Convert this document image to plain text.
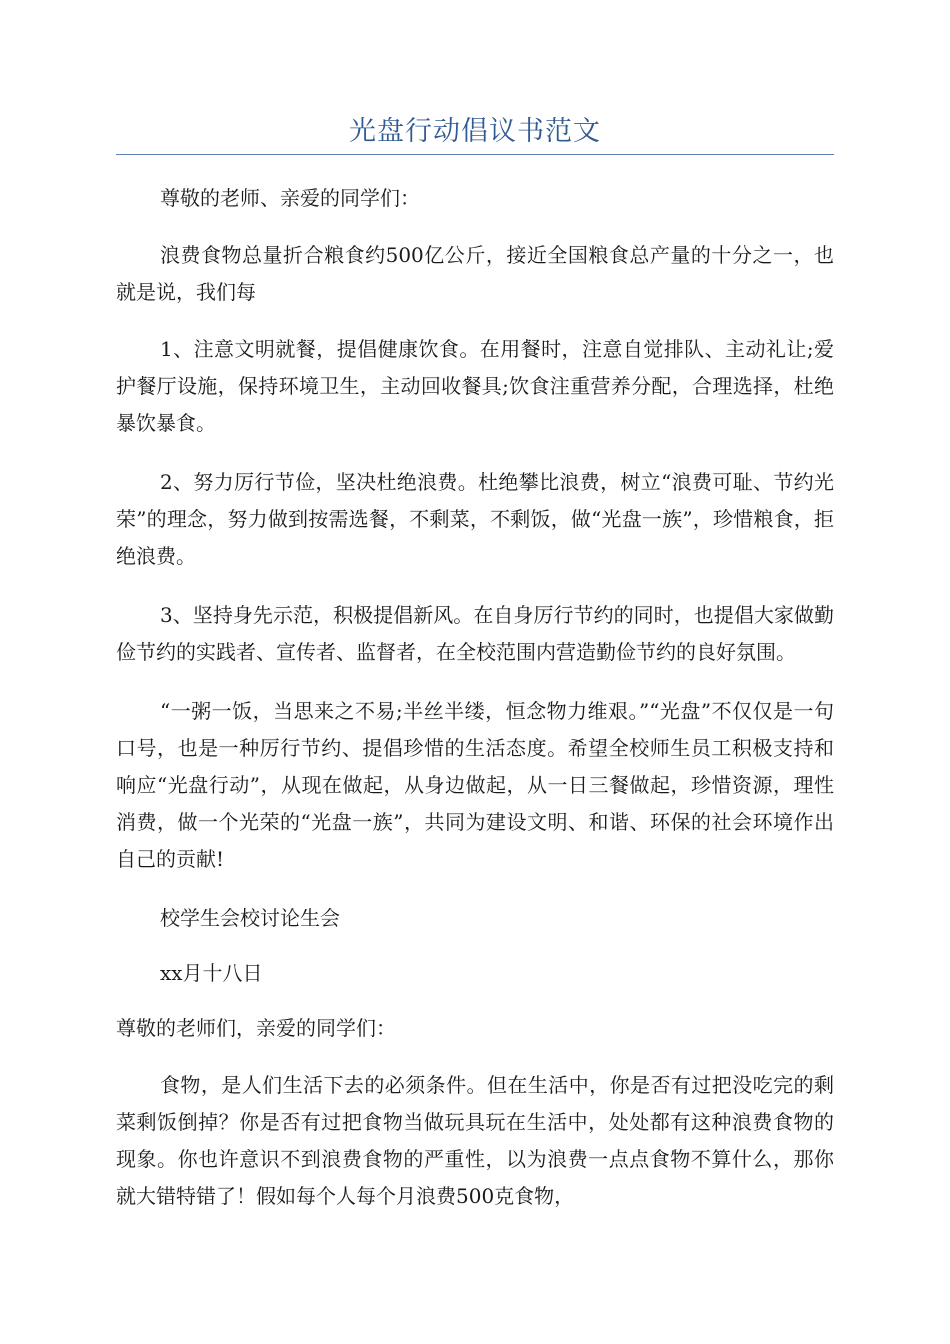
光盘行动倡议书范文

尊敬的老师、亲爱的同学们：

浪费食物总量折合粮食约500亿公斤，接近全国粮食总产量的十分之一，也就是说，我们每

1、注意文明就餐，提倡健康饮食。在用餐时，注意自觉排队、主动礼让;爱护餐厅设施，保持环境卫生，主动回收餐具;饮食注重营养分配，合理选择，杜绝暴饮暴食。

2、努力厉行节俭，坚决杜绝浪费。杜绝攀比浪费，树立“浪费可耻、节约光荣”的理念，努力做到按需选餐，不剩菜，不剩饭，做“光盘一族”，珍惜粮食，拒绝浪费。

3、坚持身先示范，积极提倡新风。在自身厉行节约的同时，也提倡大家做勤俭节约的实践者、宣传者、监督者，在全校范围内营造勤俭节约的良好氛围。

“一粥一饭，当思来之不易;半丝半缕，恒念物力维艰。”“光盘”不仅仅是一句口号，也是一种厉行节约、提倡珍惜的生活态度。希望全校师生员工积极支持和响应“光盘行动”，从现在做起，从身边做起，从一日三餐做起，珍惜资源，理性消费，做一个光荣的“光盘一族”，共同为建设文明、和谐、环保的社会环境作出自己的贡献!

校学生会校讨论生会

xx月十八日

尊敬的老师们，亲爱的同学们：

食物，是人们生活下去的必须条件。但在生活中，你是否有过把没吃完的剩菜剩饭倒掉？你是否有过把食物当做玩具玩在生活中，处处都有这种浪费食物的现象。你也许意识不到浪费食物的严重性，以为浪费一点点食物不算什么，那你就大错特错了！假如每个人每个月浪费500克食物，
